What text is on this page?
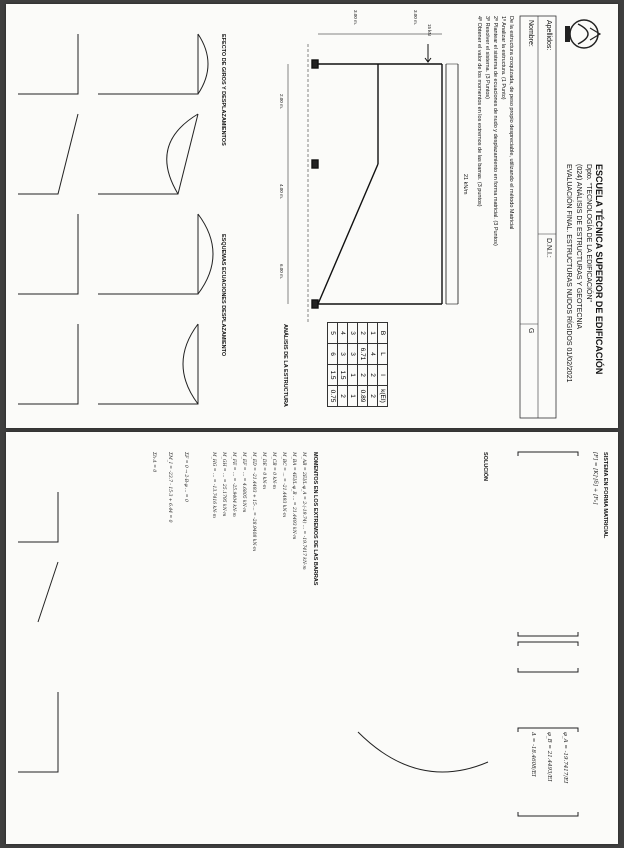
ESCUELA TÉCNICA SUPERIOR DE EDIFICACIÓN
Dpto. "TECNOLOGÍA DE LA EDIFICACIÓN"
(024) ANÁLISIS DE ESTRUCTURAS Y GEOTECNIA
EVALUACIÓN FINAL. ESTRUCTURAS NUDOS RÍGIDOS 01/02/2021
Apellidos:
Nombre:
D.N.I.:
G
De la estructura croquizada, de peso propio despreciable, utilizando el método Matricial
1º Analizar la estructura. (1 Punto)
2º Plantear el sistema de ecuaciones de nudo y desplazamiento en forma matricial. (3 Puntos)
3º Resolver el sistema. (3 Puntos)
4º Obtener el valor de los momentos en los extremos de las barras. (3 puntos)
21 kN/m
15 kN
3.00 m.
3.00 m.
2.00 m.
4.00 m.
6.00 m.
ANÁLISIS DE LA ESTRUCTURA	B	L	I	k(EI)
1	4	2	2
2	6.71	2	0.89
3	3	1	1
4	3	1.5	2
5	6	1.5	0.75
EFECTO DE GIROS Y DESPLAZAMIENTOS
ESQUEMAS ECUACIONES DESPLAZAMIENTO
SISTEMA EN FORMA MATRICIAL
[F] = [K]·[δ] + [F₀]
SOLUCIÓN
φ_A = -19.7417/EI
φ_B = 21.4493/EI
Δ = -18.4608/EI
MOMENTOS EN LOS EXTREMOS DE LAS BARRAS
M_AB = 2EI/L·φ_A = 2·(-19.74) ... = -19.7417 kN·m
M_BA = 4EI/L·φ_B ... = 21.4493 kN·m
M_BC = ... = -21.4493 kN·m
M_CB = 0 kN·m
M_DE = 0 kN·m
M_ED = -21.4493 + 15·... = -28.9408 kN·m
M_EF = ... = 4.6805 kN·m
M_FE = ... = -25.9404 kN·m
M_GH = ... = 25.1795 kN·m
M_HG = ... = -13.7416 kN·m
ΣF = 0 → 2·B·φ ... = 0
ΣM_I = -23.7 - 15·3 + 6.44 = 0
Σh·Δ = 0
